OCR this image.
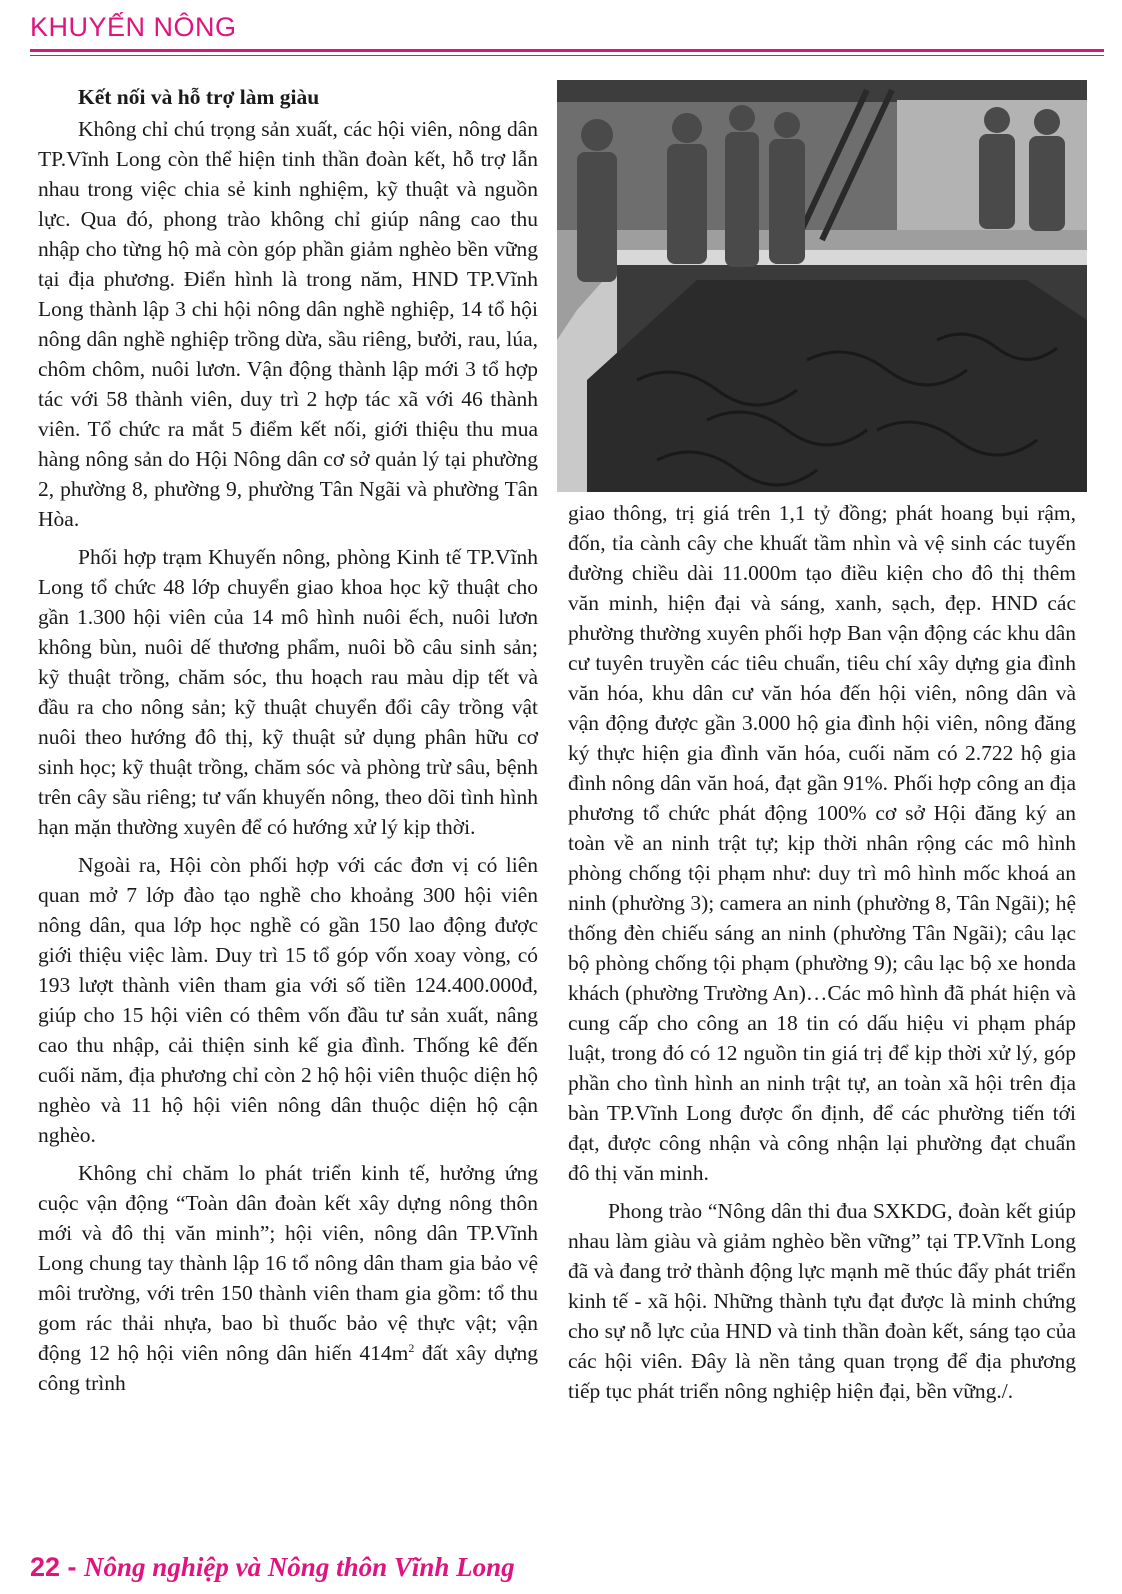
KHUYẾN NÔNG
Kết nối và hỗ trợ làm giàu

Không chỉ chú trọng sản xuất, các hội viên, nông dân TP.Vĩnh Long còn thể hiện tinh thần đoàn kết, hỗ trợ lẫn nhau trong việc chia sẻ kinh nghiệm, kỹ thuật và nguồn lực. Qua đó, phong trào không chỉ giúp nâng cao thu nhập cho từng hộ mà còn góp phần giảm nghèo bền vững tại địa phương. Điển hình là trong năm, HND TP.Vĩnh Long thành lập 3 chi hội nông dân nghề nghiệp, 14 tổ hội nông dân nghề nghiệp trồng dừa, sầu riêng, bưởi, rau, lúa, chôm chôm, nuôi lươn. Vận động thành lập mới 3 tổ hợp tác với 58 thành viên, duy trì 2 hợp tác xã với 46 thành viên. Tổ chức ra mắt 5 điểm kết nối, giới thiệu thu mua hàng nông sản do Hội Nông dân cơ sở quản lý tại phường 2, phường 8, phường 9, phường Tân Ngãi và phường Tân Hòa.

Phối hợp trạm Khuyến nông, phòng Kinh tế TP.Vĩnh Long tổ chức 48 lớp chuyển giao khoa học kỹ thuật cho gần 1.300 hội viên của 14 mô hình nuôi ếch, nuôi lươn không bùn, nuôi dế thương phẩm, nuôi bồ câu sinh sản; kỹ thuật trồng, chăm sóc, thu hoạch rau màu dịp tết và đầu ra cho nông sản; kỹ thuật chuyển đổi cây trồng vật nuôi theo hướng đô thị, kỹ thuật sử dụng phân hữu cơ sinh học; kỹ thuật trồng, chăm sóc và phòng trừ sâu, bệnh trên cây sầu riêng; tư vấn khuyến nông, theo dõi tình hình hạn mặn thường xuyên để có hướng xử lý kịp thời.

Ngoài ra, Hội còn phối hợp với các đơn vị có liên quan mở 7 lớp đào tạo nghề cho khoảng 300 hội viên nông dân, qua lớp học nghề có gần 150 lao động được giới thiệu việc làm. Duy trì 15 tổ góp vốn xoay vòng, có 193 lượt thành viên tham gia với số tiền 124.400.000đ, giúp cho 15 hội viên có thêm vốn đầu tư sản xuất, nâng cao thu nhập, cải thiện sinh kế gia đình. Thống kê đến cuối năm, địa phương chỉ còn 2 hộ hội viên thuộc diện hộ nghèo và 11 hộ hội viên nông dân thuộc diện hộ cận nghèo.

Không chỉ chăm lo phát triển kinh tế, hưởng ứng cuộc vận động “Toàn dân đoàn kết xây dựng nông thôn mới và đô thị văn minh”; hội viên, nông dân TP.Vĩnh Long chung tay thành lập 16 tổ nông dân tham gia bảo vệ môi trường, với trên 150 thành viên tham gia gồm: tổ thu gom rác thải nhựa, bao bì thuốc bảo vệ thực vật; vận động 12 hộ hội viên nông dân hiến $414m^2$ đất xây dựng công trình

giao thông, trị giá trên 1,1 tỷ đồng; phát hoang bụi rậm, đốn, tỉa cành cây che khuất tầm nhìn và vệ sinh các tuyến đường chiều dài 11.000m tạo điều kiện cho đô thị thêm văn minh, hiện đại và sáng, xanh, sạch, đẹp. HND các phường thường xuyên phối hợp Ban vận động các khu dân cư tuyên truyền các tiêu chuẩn, tiêu chí xây dựng gia đình văn hóa, khu dân cư văn hóa đến hội viên, nông dân và vận động được gần 3.000 hộ gia đình hội viên, nông đăng ký thực hiện gia đình văn hóa, cuối năm có 2.722 hộ gia đình nông dân văn hoá, đạt gần 91%. Phối hợp công an địa phương tổ chức phát động 100% cơ sở Hội đăng ký an toàn về an ninh trật tự; kịp thời nhân rộng các mô hình phòng chống tội phạm như: duy trì mô hình mốc khoá an ninh (phường 3); camera an ninh (phường 8, Tân Ngãi); hệ thống đèn chiếu sáng an ninh (phường Tân Ngãi); câu lạc bộ phòng chống tội phạm (phường 9); câu lạc bộ xe honda khách (phường Trường An)…Các mô hình đã phát hiện và cung cấp cho công an 18 tin có dấu hiệu vi phạm pháp luật, trong đó có 12 nguồn tin giá trị để kịp thời xử lý, góp phần cho tình hình an ninh trật tự, an toàn xã hội trên địa bàn TP.Vĩnh Long được ổn định, để các phường tiến tới đạt, được công nhận và công nhận lại phường đạt chuẩn đô thị văn minh.

Phong trào “Nông dân thi đua SXKDG, đoàn kết giúp nhau làm giàu và giảm nghèo bền vững” tại TP.Vĩnh Long đã và đang trở thành động lực mạnh mẽ thúc đẩy phát triển kinh tế - xã hội. Những thành tựu đạt được là minh chứng cho sự nỗ lực của HND và tinh thần đoàn kết, sáng tạo của các hội viên. Đây là nền tảng quan trọng để địa phương tiếp tục phát triển nông nghiệp hiện đại, bền vững./.

22 - Nông nghiệp và Nông thôn Vĩnh Long
